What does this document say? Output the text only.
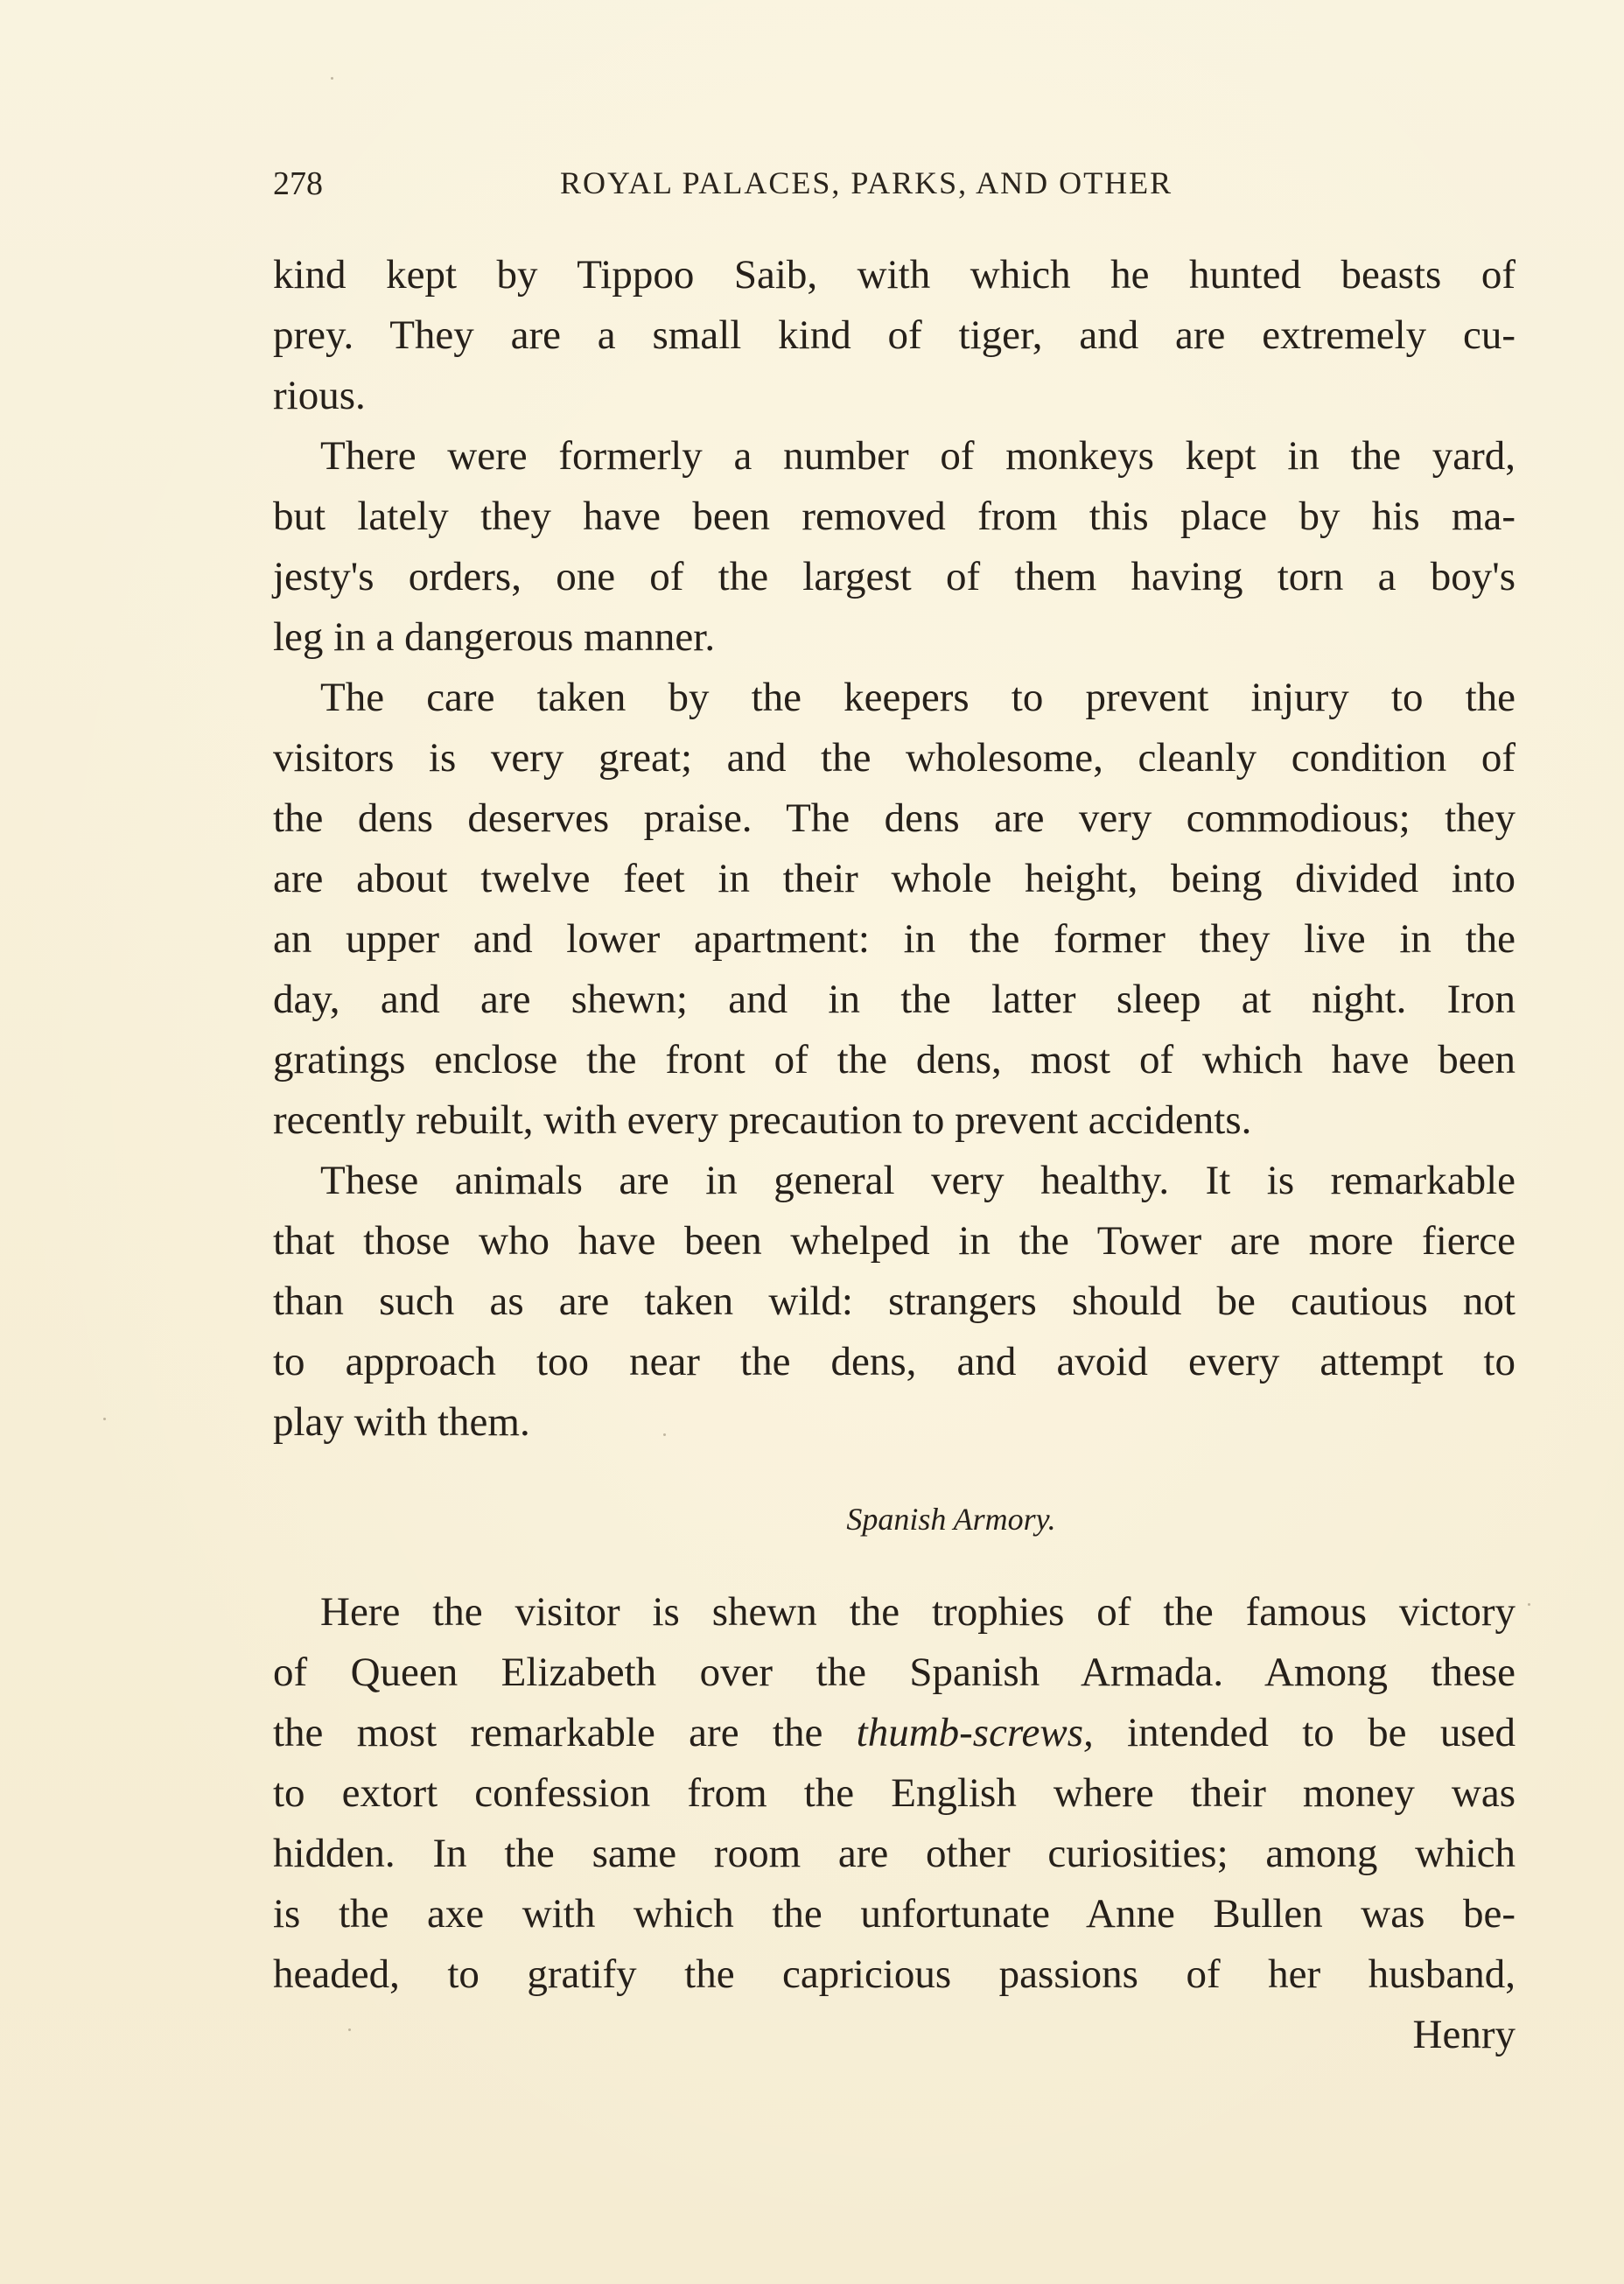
278	ROYAL PALACES, PARKS, AND OTHER
kind kept by Tippoo Saib, with which he hunted beasts of
prey. They are a small kind of tiger, and are extremely cu-
rious.
There were formerly a number of monkeys kept in the yard,
but lately they have been removed from this place by his ma-
jesty's orders, one of the largest of them having torn a boy's
leg in a dangerous manner.
The care taken by the keepers to prevent injury to the
visitors is very great; and the wholesome, cleanly condition of
the dens deserves praise. The dens are very commodious; they
are about twelve feet in their whole height, being divided into
an upper and lower apartment: in the former they live in the
day, and are shewn; and in the latter sleep at night. Iron
gratings enclose the front of the dens, most of which have been
recently rebuilt, with every precaution to prevent accidents.
These animals are in general very healthy. It is remarkable
that those who have been whelped in the Tower are more fierce
than such as are taken wild: strangers should be cautious not
to approach too near the dens, and avoid every attempt to
play with them.
Spanish Armory.
Here the visitor is shewn the trophies of the famous victory
of Queen Elizabeth over the Spanish Armada. Among these
the most remarkable are the thumb-screws, intended to be used
to extort confession from the English where their money was
hidden. In the same room are other curiosities; among which
is the axe with which the unfortunate Anne Bullen was be-
headed, to gratify the capricious passions of her husband,
Henry
